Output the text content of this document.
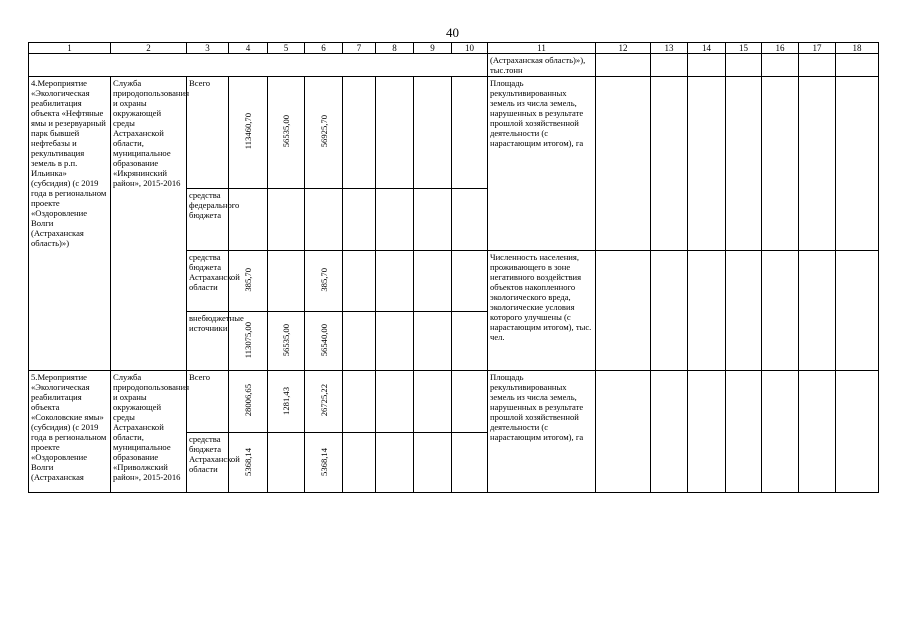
40
1	2	3	4	5	6	7	8	9	10	11	12	13	14	15	16	17	18
										(Астраханская область)»), тыс.тонн							
4.Мероприятие «Экологическая реабилитация объекта «Нефтяные ямы и резервуарный парк бывшей нефтебазы и рекультивация земель в р.п. Ильинка» (субсидия) (с 2019 года в региональном проекте «Оздоровление Волги (Астраханская область)»)	Служба природопользования и охраны окружающей среды Астраханской области, муниципальное образование «Икрянинский район», 2015-2016	Всего	113460,70	56535,00	56925,70					Площадь рекультивированных земель из числа земель, нарушенных в результате прошлой хозяйственной деятельности (с нарастающим итогом), га							
		средства федерального бюджета															
		средства бюджета Астраханской области	385,70		385,70					Численность населения, проживающего в зоне негативного воздействия объектов накопленного экологического вреда, экологические условия которого улучшены (с нарастающим итогом), тыс. чел.							
		внебюджетные источники	113075,00	56535,00	56540,00												
5.Мероприятие «Экологическая реабилитация объекта «Соколовские ямы» (субсидия) (с 2019 года в региональном проекте «Оздоровление Волги (Астраханская	Служба природопользования и охраны окружающей среды Астраханской области, муниципальное образование «Приволжский район», 2015-2016	Всего	28006,65	1281,43	26725,22					Площадь рекультивированных земель из числа земель, нарушенных в результате прошлой хозяйственной деятельности (с нарастающим итогом), га							
		средства бюджета Астраханской области	5368,14		5368,14												
